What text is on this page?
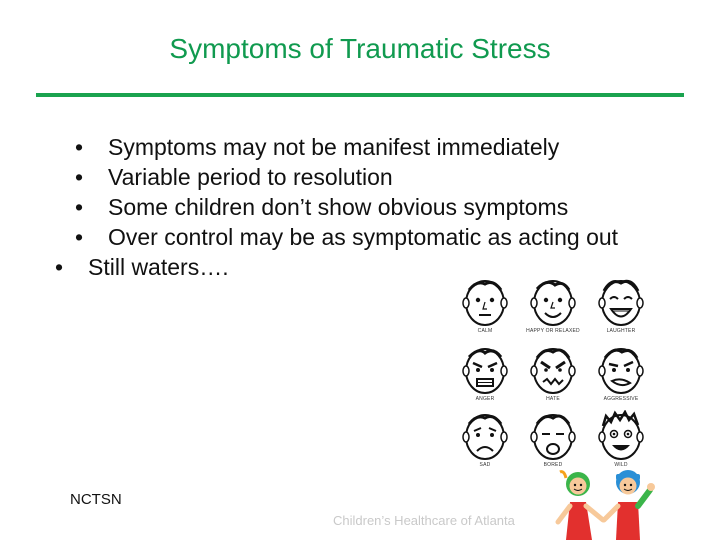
Symptoms of Traumatic Stress
• Symptoms may not be manifest immediately
• Variable period to resolution
• Some children don’t show obvious symptoms
• Over control may be as symptomatic as acting out
• Still waters….
CALM	HAPPY OR RELAXED	LAUGHTER
ANGER	HATE	AGGRESSIVE
SAD	BORED	WILD
NCTSN
Children’s Healthcare of Atlanta
